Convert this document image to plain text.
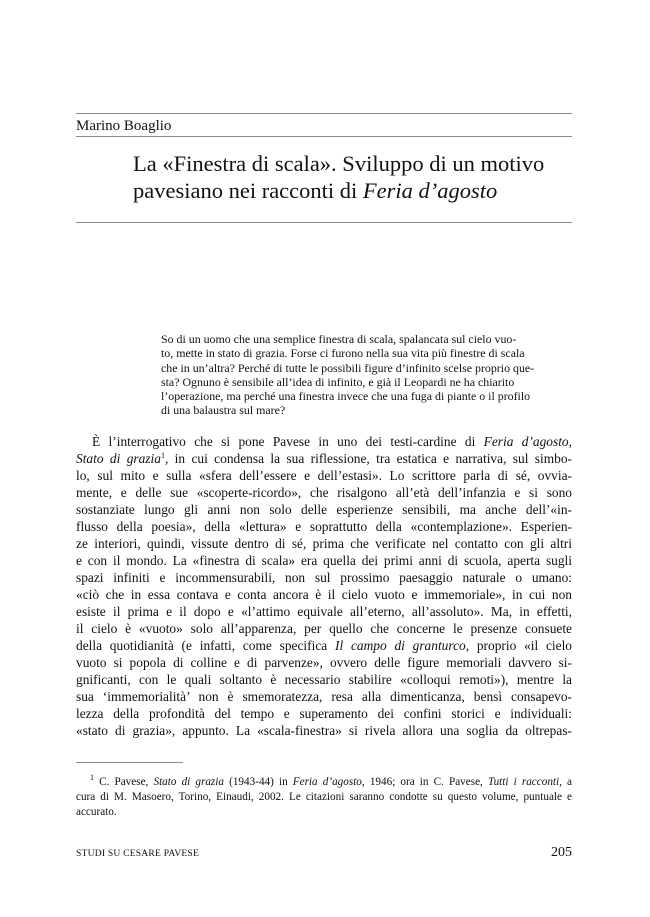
Marino Boaglio
La «Finestra di scala». Sviluppo di un motivo pavesiano nei racconti di Feria d’agosto
So di un uomo che una semplice finestra di scala, spalancata sul cielo vuo-
to, mette in stato di grazia. Forse ci furono nella sua vita più finestre di scala
che in un’altra? Perché di tutte le possibili figure d’infinito scelse proprio que-
sta? Ognuno è sensibile all’idea di infinito, e già il Leopardi ne ha chiarito
l’operazione, ma perché una finestra invece che una fuga di piante o il profilo
di una balaustra sul mare?
È l’interrogativo che si pone Pavese in uno dei testi-cardine di Feria d’agosto,
Stato di grazia$^1$, in cui condensa la sua riflessione, tra estatica e narrativa, sul simbo-
lo, sul mito e sulla «sfera dell’essere e dell’estasi». Lo scrittore parla di sé, ovvia-
mente, e delle sue «scoperte-ricordo», che risalgono all’età dell’infanzia e si sono
sostanziate lungo gli anni non solo delle esperienze sensibili, ma anche dell’«in-
flusso della poesia», della «lettura» e soprattutto della «contemplazione». Esperien-
ze interiori, quindi, vissute dentro di sé, prima che verificate nel contatto con gli altri
e con il mondo. La «finestra di scala» era quella dei primi anni di scuola, aperta sugli
spazi infiniti e incommensurabili, non sul prossimo paesaggio naturale o umano:
«ciò che in essa contava e conta ancora è il cielo vuoto e immemoriale», in cui non
esiste il prima e il dopo e «l’attimo equivale all’eterno, all’assoluto». Ma, in effetti,
il cielo è «vuoto» solo all’apparenza, per quello che concerne le presenze consuete
della quotidianità (e infatti, come specifica Il campo di granturco, proprio «il cielo
vuoto si popola di colline e di parvenze», ovvero delle figure memoriali davvero si-
gnificanti, con le quali soltanto è necessario stabilire «colloqui remoti»), mentre la
sua ‘immemorialità’ non è smemoratezza, resa alla dimenticanza, bensì consapevo-
lezza della profondità del tempo e superamento dei confini storici e individuali:
«stato di grazia», appunto. La «scala-finestra» si rivela allora una soglia da oltrepas-
$^1$ C. Pavese, Stato di grazia (1943-44) in Feria d’agosto, 1946; ora in C. Pavese, Tutti i racconti, a
cura di M. Masoero, Torino, Einaudi, 2002. Le citazioni saranno condotte su questo volume, puntuale e
accurato.
STUDI SU CESARE PAVESE	205
